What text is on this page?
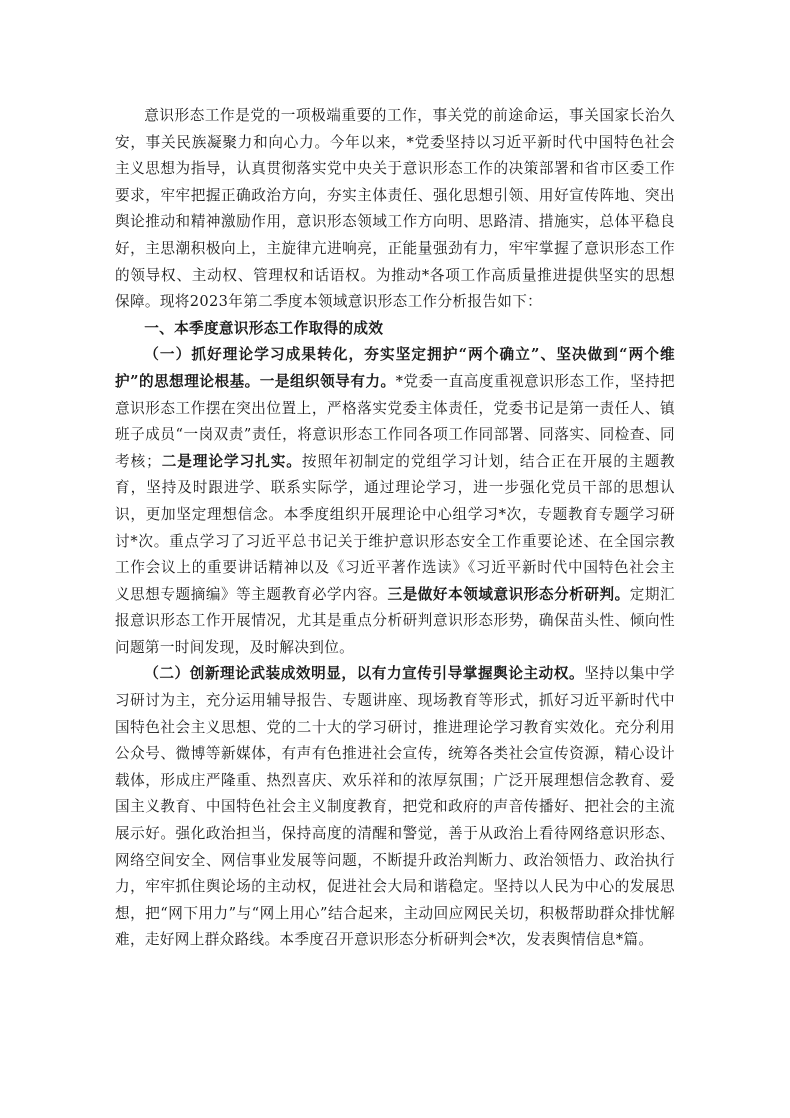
意识形态工作是党的一项极端重要的工作，事关党的前途命运，事关国家长治久安，事关民族凝聚力和向心力。今年以来，*党委坚持以习近平新时代中国特色社会主义思想为指导，认真贯彻落实党中央关于意识形态工作的决策部署和省市区委工作要求，牢牢把握正确政治方向，夯实主体责任、强化思想引领、用好宣传阵地、突出舆论推动和精神激励作用，意识形态领域工作方向明、思路清、措施实，总体平稳良好，主思潮积极向上，主旋律亢进响亮，正能量强劲有力，牢牢掌握了意识形态工作的领导权、主动权、管理权和话语权。为推动*各项工作高质量推进提供坚实的思想保障。现将2023年第二季度本领域意识形态工作分析报告如下：

一、本季度意识形态工作取得的成效

（一）抓好理论学习成果转化，夯实坚定拥护“两个确立”、坚决做到“两个维护”的思想理论根基。一是组织领导有力。*党委一直高度重视意识形态工作，坚持把意识形态工作摆在突出位置上，严格落实党委主体责任，党委书记是第一责任人、镇班子成员“一岗双责”责任，将意识形态工作同各项工作同部署、同落实、同检查、同考核；二是理论学习扎实。按照年初制定的党组学习计划，结合正在开展的主题教育，坚持及时跟进学、联系实际学，通过理论学习，进一步强化党员干部的思想认识，更加坚定理想信念。本季度组织开展理论中心组学习*次，专题教育专题学习研讨*次。重点学习了习近平总书记关于维护意识形态安全工作重要论述、在全国宗教工作会议上的重要讲话精神以及《习近平著作选读》《习近平新时代中国特色社会主义思想专题摘编》等主题教育必学内容。三是做好本领域意识形态分析研判。定期汇报意识形态工作开展情况，尤其是重点分析研判意识形态形势，确保苗头性、倾向性问题第一时间发现，及时解决到位。

（二）创新理论武装成效明显，以有力宣传引导掌握舆论主动权。坚持以集中学习研讨为主，充分运用辅导报告、专题讲座、现场教育等形式，抓好习近平新时代中国特色社会主义思想、党的二十大的学习研讨，推进理论学习教育实效化。充分利用公众号、微博等新媒体，有声有色推进社会宣传，统筹各类社会宣传资源，精心设计载体，形成庄严隆重、热烈喜庆、欢乐祥和的浓厚氛围；广泛开展理想信念教育、爱国主义教育、中国特色社会主义制度教育，把党和政府的声音传播好、把社会的主流展示好。强化政治担当，保持高度的清醒和警觉，善于从政治上看待网络意识形态、网络空间安全、网信事业发展等问题，不断提升政治判断力、政治领悟力、政治执行力，牢牢抓住舆论场的主动权，促进社会大局和谐稳定。坚持以人民为中心的发展思想，把“网下用力”与“网上用心”结合起来，主动回应网民关切，积极帮助群众排忧解难，走好网上群众路线。本季度召开意识形态分析研判会*次，发表舆情信息*篇。
